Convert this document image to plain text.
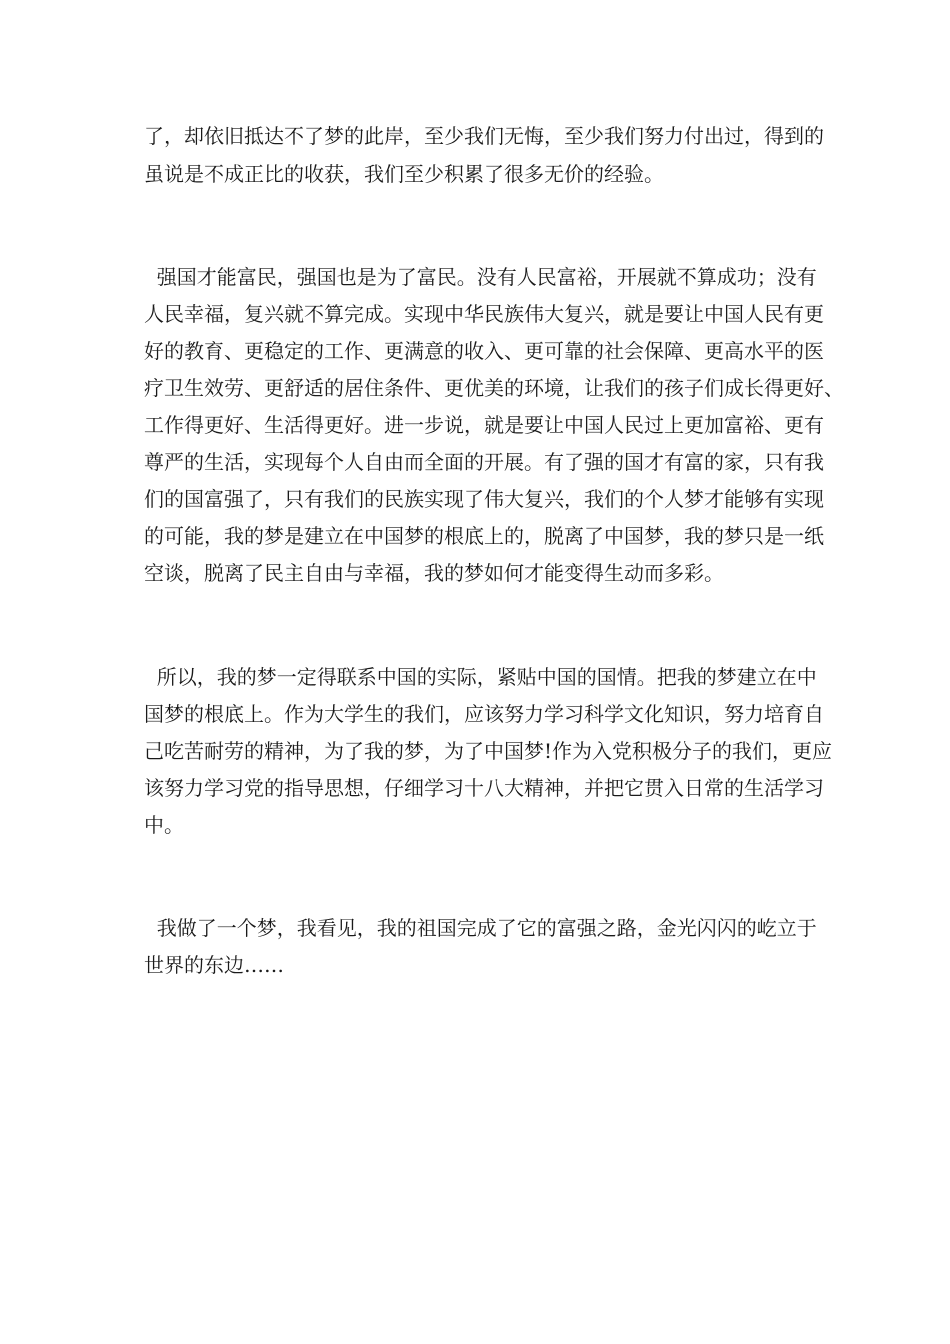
了，却依旧抵达不了梦的此岸，至少我们无悔，至少我们努力付出过，得到的

虽说是不成正比的收获，我们至少积累了很多无价的经验。

强国才能富民，强国也是为了富民。没有人民富裕，开展就不算成功；没有

人民幸福，复兴就不算完成。实现中华民族伟大复兴，就是要让中国人民有更

好的教育、更稳定的工作、更满意的收入、更可靠的社会保障、更高水平的医

疗卫生效劳、更舒适的居住条件、更优美的环境，让我们的孩子们成长得更好、

工作得更好、生活得更好。进一步说，就是要让中国人民过上更加富裕、更有

尊严的生活，实现每个人自由而全面的开展。有了强的国才有富的家，只有我

们的国富强了，只有我们的民族实现了伟大复兴，我们的个人梦才能够有实现

的可能，我的梦是建立在中国梦的根底上的，脱离了中国梦，我的梦只是一纸

空谈，脱离了民主自由与幸福，我的梦如何才能变得生动而多彩。

所以，我的梦一定得联系中国的实际，紧贴中国的国情。把我的梦建立在中

国梦的根底上。作为大学生的我们，应该努力学习科学文化知识，努力培育自

己吃苦耐劳的精神，为了我的梦，为了中国梦!作为入党积极分子的我们，更应

该努力学习党的指导思想，仔细学习十八大精神，并把它贯入日常的生活学习

中。

我做了一个梦，我看见，我的祖国完成了它的富强之路，金光闪闪的屹立于

世界的东边……
